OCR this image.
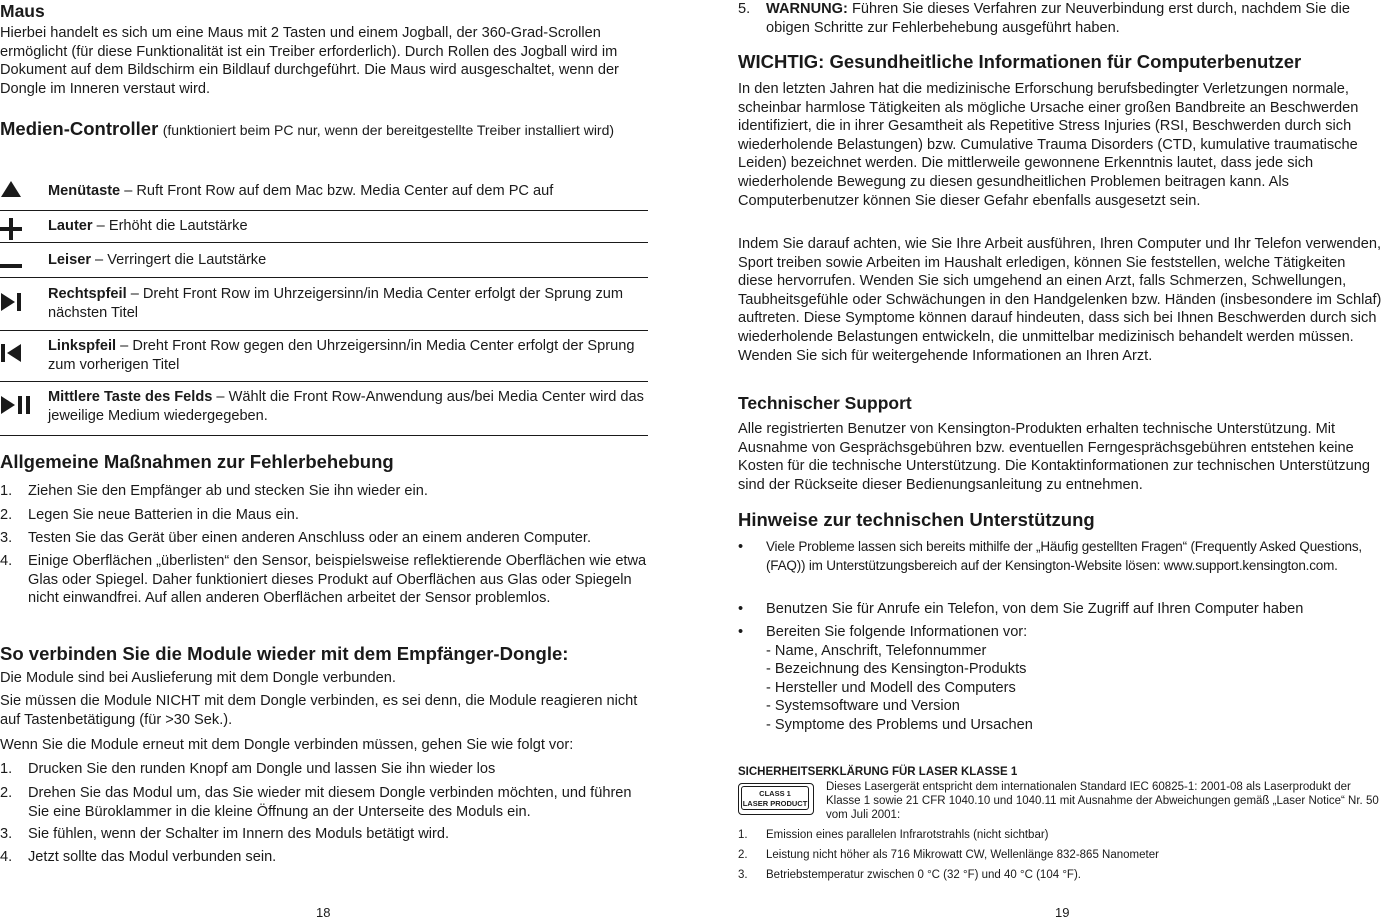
Maus

Hierbei handelt es sich um eine Maus mit 2 Tasten und einem Jogball, der 360-Grad-Scrollen ermöglicht (für diese Funktionalität ist ein Treiber erforderlich). Durch Rollen des Jogball wird im Dokument auf dem Bildschirm ein Bildlauf durchgeführt. Die Maus wird ausgeschaltet, wenn der Dongle im Inneren verstaut wird.

Medien-Controller (funktioniert beim PC nur, wenn der bereitgestellte Treiber installiert wird)
Menütaste – Ruft Front Row auf dem Mac bzw. Media Center auf dem PC auf
Lauter – Erhöht die Lautstärke
Leiser – Verringert die Lautstärke
Rechtspfeil – Dreht Front Row im Uhrzeigersinn/in Media Center erfolgt der Sprung zum nächsten Titel
Linkspfeil – Dreht Front Row gegen den Uhrzeigersinn/in Media Center erfolgt der Sprung zum vorherigen Titel
Mittlere Taste des Felds – Wählt die Front Row-Anwendung aus/bei Media Center wird das jeweilige Medium wiedergegeben.
Allgemeine Maßnahmen zur Fehlerbehebung
1. Ziehen Sie den Empfänger ab und stecken Sie ihn wieder ein.
2. Legen Sie neue Batterien in die Maus ein.
3. Testen Sie das Gerät über einen anderen Anschluss oder an einem anderen Computer.
4. Einige Oberflächen „überlisten“ den Sensor, beispielsweise reflektierende Oberflächen wie etwa Glas oder Spiegel. Daher funktioniert dieses Produkt auf Oberflächen aus Glas oder Spiegeln nicht einwandfrei. Auf allen anderen Oberflächen arbeitet der Sensor problemlos.
So verbinden Sie die Module wieder mit dem Empfänger-Dongle:

Die Module sind bei Auslieferung mit dem Dongle verbunden.

Sie müssen die Module NICHT mit dem Dongle verbinden, es sei denn, die Module reagieren nicht auf Tastenbetätigung (für >30 Sek.).

Wenn Sie die Module erneut mit dem Dongle verbinden müssen, gehen Sie wie folgt vor:

1. Drucken Sie den runden Knopf am Dongle und lassen Sie ihn wieder los
2. Drehen Sie das Modul um, das Sie wieder mit diesem Dongle verbinden möchten, und führen Sie eine Büroklammer in die kleine Öffnung an der Unterseite des Moduls ein.
3. Sie fühlen, wenn der Schalter im Innern des Moduls betätigt wird.
4. Jetzt sollte das Modul verbunden sein.
18
5. WARNUNG: Führen Sie dieses Verfahren zur Neuverbindung erst durch, nachdem Sie die obigen Schritte zur Fehlerbehebung ausgeführt haben.
WICHTIG: Gesundheitliche Informationen für Computerbenutzer

In den letzten Jahren hat die medizinische Erforschung berufsbedingter Verletzungen normale, scheinbar harmlose Tätigkeiten als mögliche Ursache einer großen Bandbreite an Beschwerden identifiziert, die in ihrer Gesamtheit als Repetitive Stress Injuries (RSI, Beschwerden durch sich wiederholende Belastungen) bzw. Cumulative Trauma Disorders (CTD, kumulative traumatische Leiden) bezeichnet werden. Die mittlerweile gewonnene Erkenntnis lautet, dass jede sich wiederholende Bewegung zu diesen gesundheitlichen Problemen beitragen kann. Als Computerbenutzer können Sie dieser Gefahr ebenfalls ausgesetzt sein.

Indem Sie darauf achten, wie Sie Ihre Arbeit ausführen, Ihren Computer und Ihr Telefon verwenden, Sport treiben sowie Arbeiten im Haushalt erledigen, können Sie feststellen, welche Tätigkeiten diese hervorrufen. Wenden Sie sich umgehend an einen Arzt, falls Schmerzen, Schwellungen, Taubheitsgefühle oder Schwächungen in den Handgelenken bzw. Händen (insbesondere im Schlaf) auftreten. Diese Symptome können darauf hindeuten, dass sich bei Ihnen Beschwerden durch sich wiederholende Belastungen entwickeln, die unmittelbar medizinisch behandelt werden müssen. Wenden Sie sich für weitergehende Informationen an Ihren Arzt.

Technischer Support

Alle registrierten Benutzer von Kensington-Produkten erhalten technische Unterstützung. Mit Ausnahme von Gesprächsgebühren bzw. eventuellen Ferngesprächsgebühren entstehen keine Kosten für die technische Unterstützung. Die Kontaktinformationen zur technischen Unterstützung sind der Rückseite dieser Bedienungsanleitung zu entnehmen.

Hinweise zur technischen Unterstützung
• Viele Probleme lassen sich bereits mithilfe der „Häufig gestellten Fragen“ (Frequently Asked Questions, (FAQ)) im Unterstützungsbereich auf der Kensington-Website lösen: www.support.kensington.com.
• Benutzen Sie für Anrufe ein Telefon, von dem Sie Zugriff auf Ihren Computer haben
• Bereiten Sie folgende Informationen vor:
- Name, Anschrift, Telefonnummer
- Bezeichnung des Kensington-Produkts
- Hersteller und Modell des Computers
- Systemsoftware und Version
- Symptome des Problems und Ursachen
SICHERHEITSERKLÄRUNG FÜR LASER KLASSE 1
CLASS 1
LASER PRODUCT
Dieses Lasergerät entspricht dem internationalen Standard IEC 60825-1: 2001-08 als Laserprodukt der Klasse 1 sowie 21 CFR 1040.10 und 1040.11 mit Ausnahme der Abweichungen gemäß „Laser Notice“ Nr. 50 vom Juli 2001:
1. Emission eines parallelen Infrarotstrahls (nicht sichtbar)
2. Leistung nicht höher als 716 Mikrowatt CW, Wellenlänge 832-865 Nanometer
3. Betriebstemperatur zwischen 0 °C (32 °F) und 40 °C (104 °F).
19
